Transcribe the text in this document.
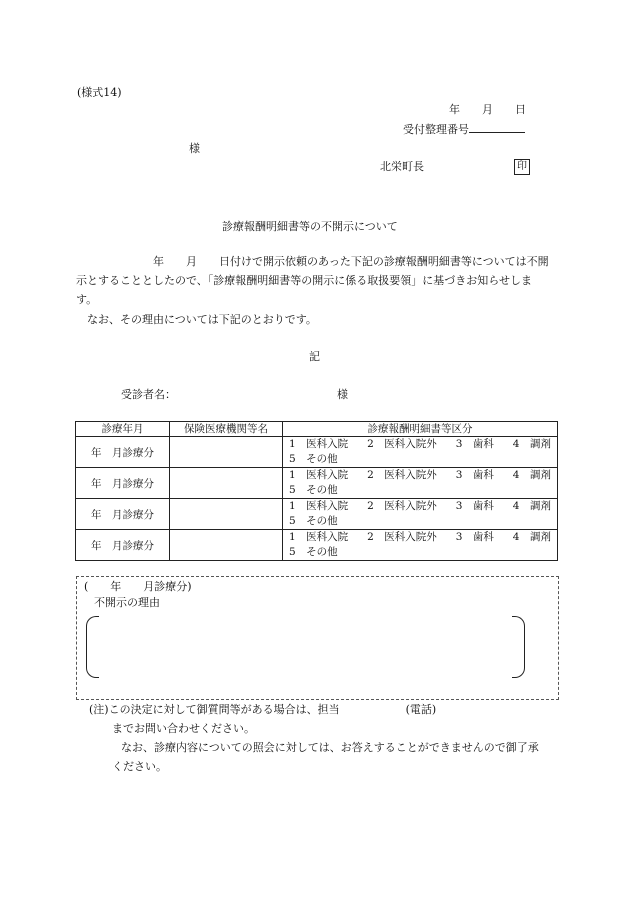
(様式14)
年　　月　　日
受付整理番号
様
北栄町長	印
診療報酬明細書等の不開示について
　　　　　　　年　　月　　日付けで開示依頼のあった下記の診療報酬明細書等については不開示とすることとしたので、「診療報酬明細書等の開示に係る取扱要領」に基づきお知らせします。
なお、その理由については下記のとおりです。
記
受診者名：	様
診療年月	保険医療機関等名	診療報酬明細書等区分
年　月診療分		1　医科入院 2　医科入院外 3　歯科 4　調剤
5　その他

年　月診療分		1　医科入院 2　医科入院外 3　歯科 4　調剤
5　その他

年　月診療分		1　医科入院 2　医科入院外 3　歯科 4　調剤
5　その他

年　月診療分		1　医科入院 2　医科入院外 3　歯科 4　調剤
5　その他
(　　年　　月診療分)
不開示の理由
(注)この決定に対して御質問等がある場合は、担当　　　　　　(電話)
までお問い合わせください。
なお、診療内容についての照会に対しては、お答えすることができませんので御了承
ください。
